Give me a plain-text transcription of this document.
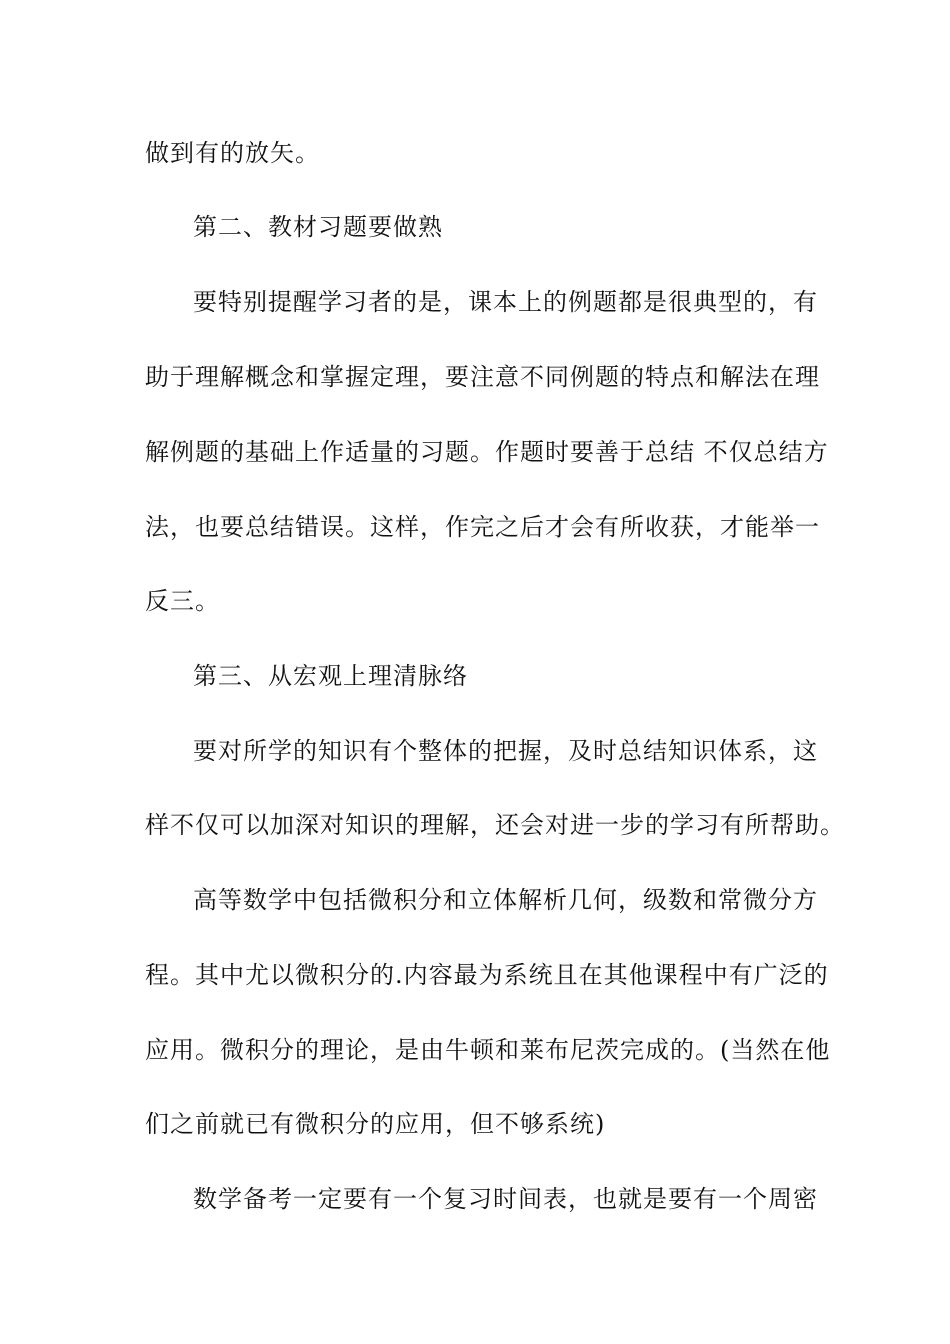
做到有的放矢。
第二、教材习题要做熟
要特别提醒学习者的是，课本上的例题都是很典型的，有
助于理解概念和掌握定理，要注意不同例题的特点和解法在理
解例题的基础上作适量的习题。作题时要善于总结 不仅总结方
法，也要总结错误。这样，作完之后才会有所收获，才能举一
反三。
第三、从宏观上理清脉络
要对所学的知识有个整体的把握，及时总结知识体系，这
样不仅可以加深对知识的理解，还会对进一步的学习有所帮助。
高等数学中包括微积分和立体解析几何，级数和常微分方
程。其中尤以微积分的.内容最为系统且在其他课程中有广泛的
应用。微积分的理论，是由牛顿和莱布尼茨完成的。(当然在他
们之前就已有微积分的应用，但不够系统)
数学备考一定要有一个复习时间表，也就是要有一个周密
